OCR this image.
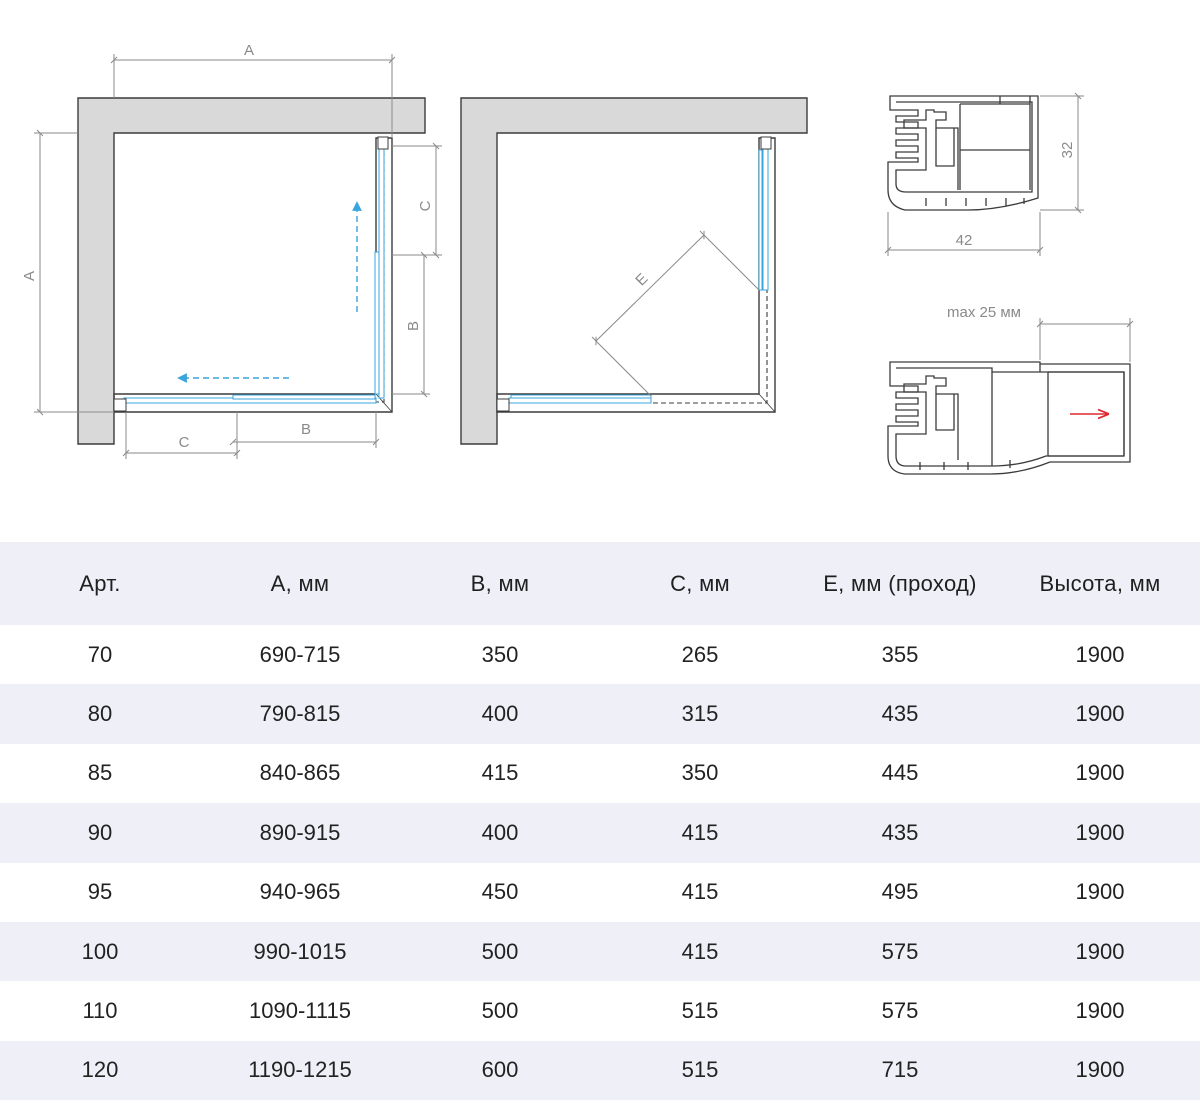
A
A
C
B
C
B
E
32
42
max 25 мм
Арт.	A, мм	B, мм	C, мм	E, мм (проход)	Высота, мм
70	690-715	350	265	355	1900
80	790-815	400	315	435	1900
85	840-865	415	350	445	1900
90	890-915	400	415	435	1900
95	940-965	450	415	495	1900
100	990-1015	500	415	575	1900
110	1090-1115	500	515	575	1900
120	1190-1215	600	515	715	1900
